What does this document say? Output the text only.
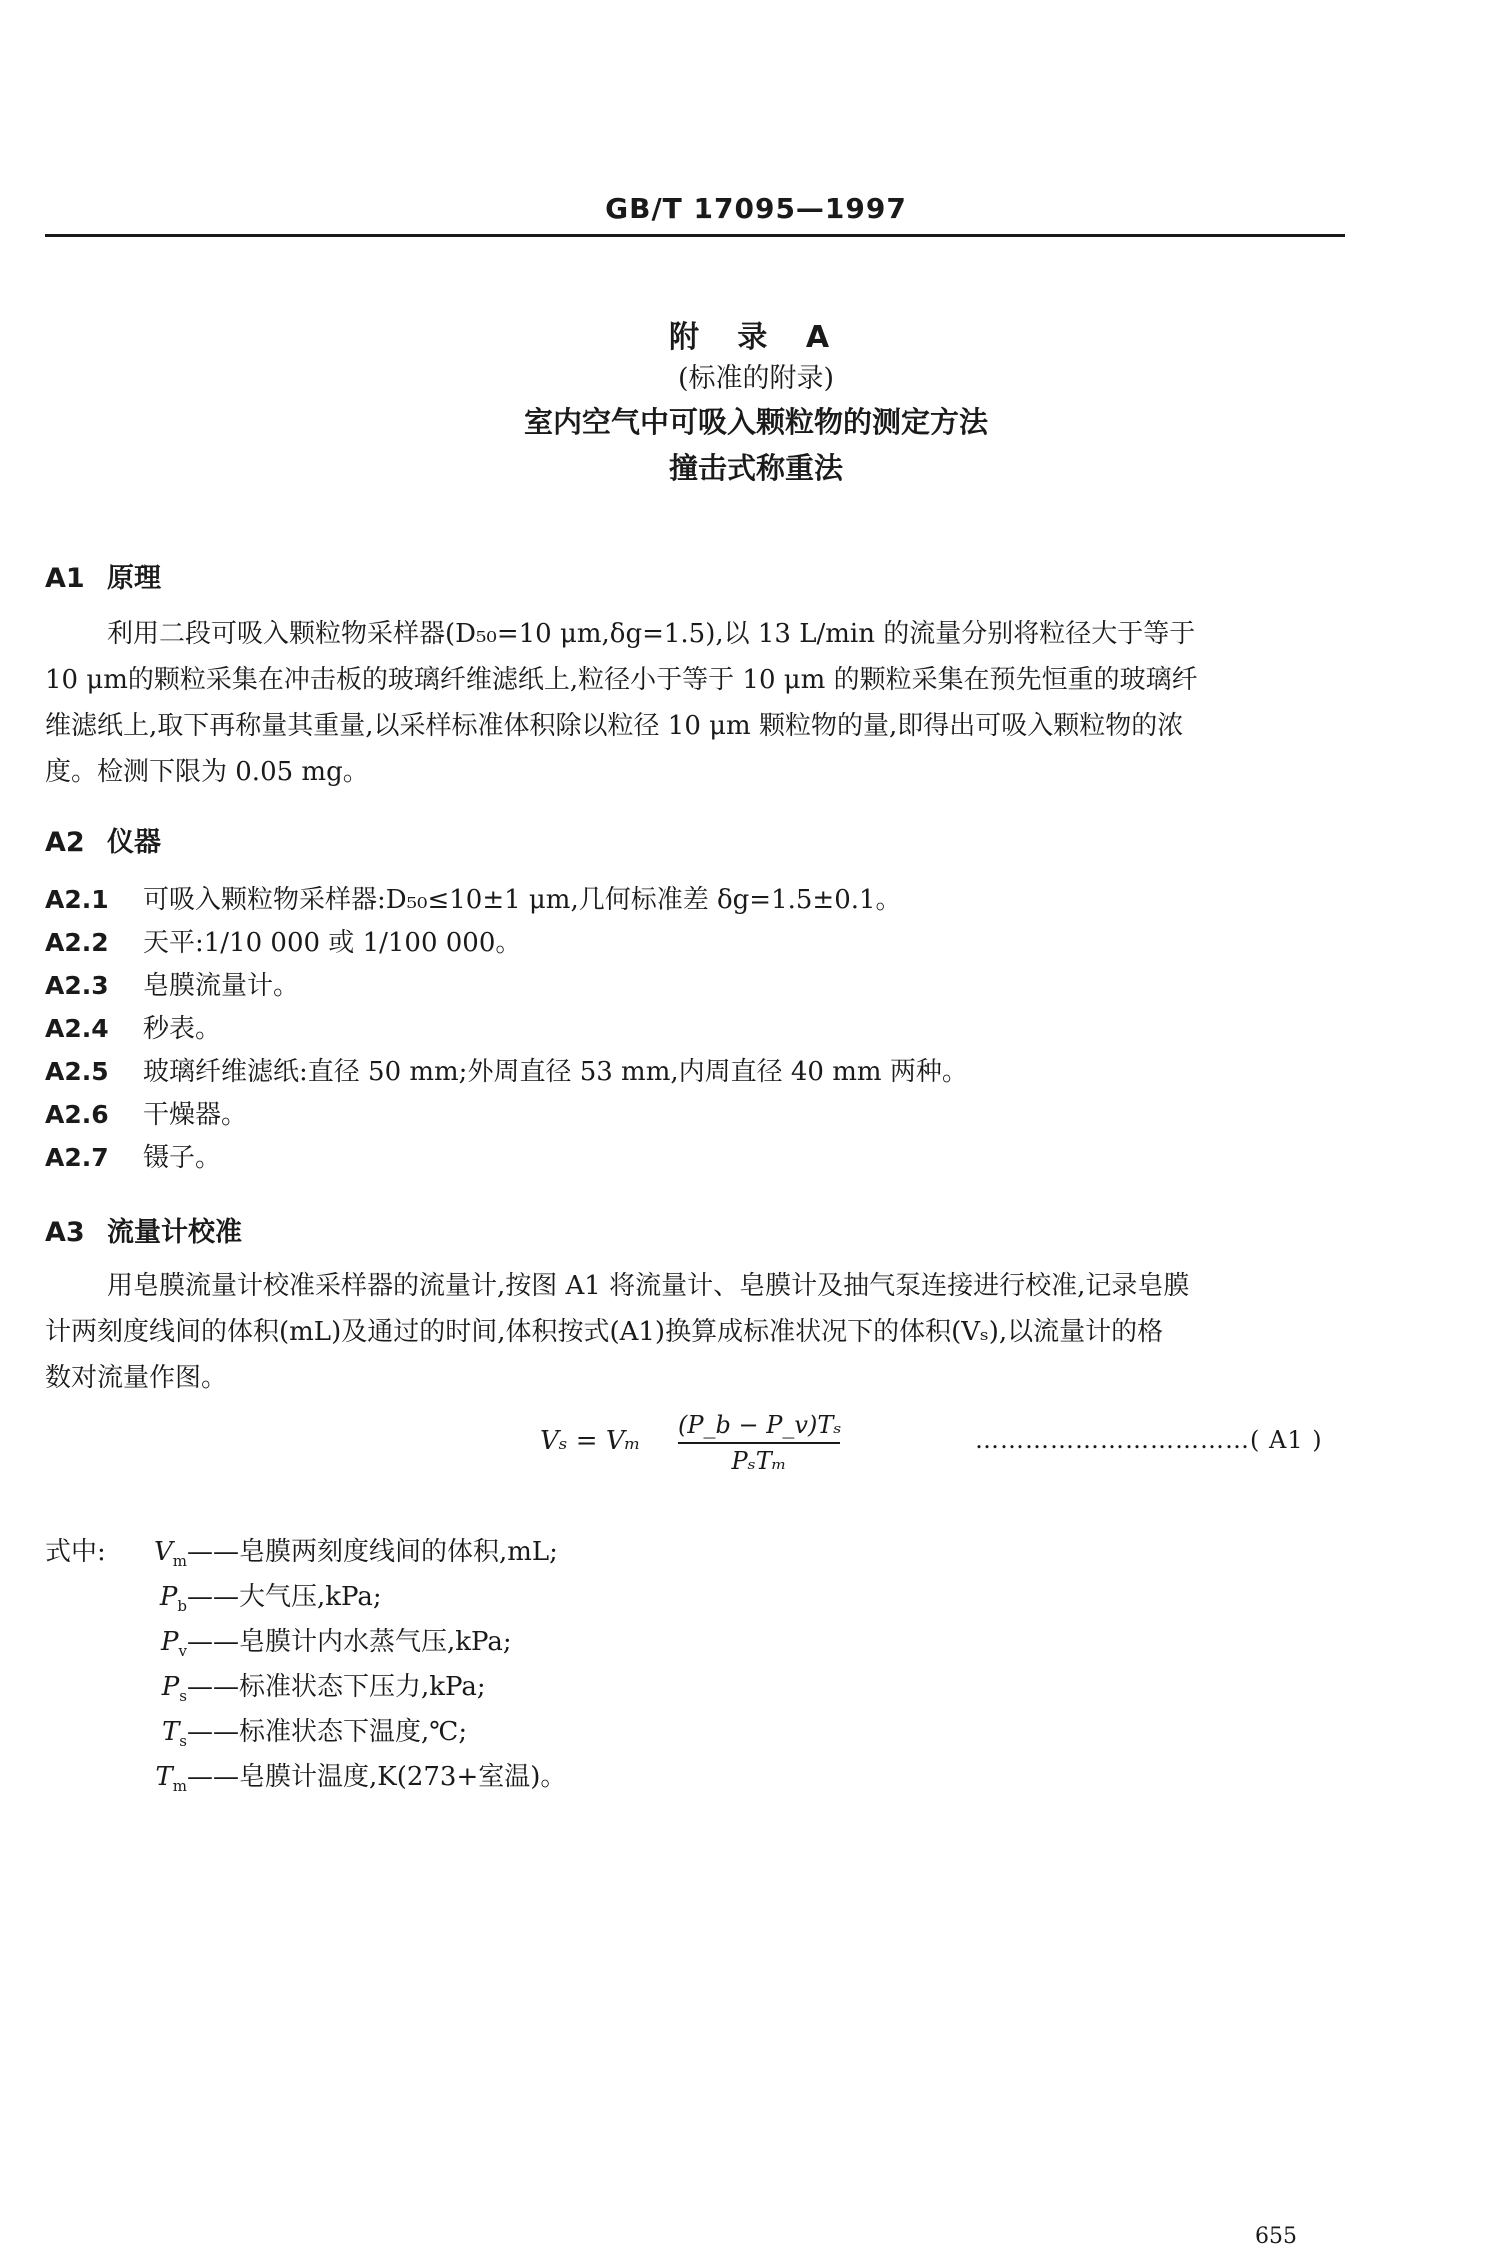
GB/T 17095—1997
附 录 A
(标准的附录)
室内空气中可吸入颗粒物的测定方法
撞击式称重法
A1 原理
利用二段可吸入颗粒物采样器(D₅₀=10 μm,δg=1.5),以 13 L/min 的流量分别将粒径大于等于
10 μm的颗粒采集在冲击板的玻璃纤维滤纸上,粒径小于等于 10 μm 的颗粒采集在预先恒重的玻璃纤
维滤纸上,取下再称量其重量,以采样标准体积除以粒径 10 μm 颗粒物的量,即得出可吸入颗粒物的浓
度。检测下限为 0.05 mg。
A2 仪器
A2.1 可吸入颗粒物采样器:D₅₀≤10±1 μm,几何标准差 δg=1.5±0.1。
A2.2 天平:1/10 000 或 1/100 000。
A2.3 皂膜流量计。
A2.4 秒表。
A2.5 玻璃纤维滤纸:直径 50 mm;外周直径 53 mm,内周直径 40 mm 两种。
A2.6 干燥器。
A2.7 镊子。
A3 流量计校准
用皂膜流量计校准采样器的流量计,按图 A1 将流量计、皂膜计及抽气泵连接进行校准,记录皂膜
计两刻度线间的体积(mL)及通过的时间,体积按式(A1)换算成标准状况下的体积(Vₛ),以流量计的格
数对流量作图。
Vₛ = Vₘ
(P_b − P_v)Tₛ
PₛTₘ
……………………………( A1 )
式中: $V_m——$皂膜两刻度线间的体积,mL;
$P_b——$大气压,kPa;
$P_v——$皂膜计内水蒸气压,kPa;
$P_s——$标准状态下压力,kPa;
$T_s——$标准状态下温度,℃;
$T_m——$皂膜计温度,K(273+室温)。
655
